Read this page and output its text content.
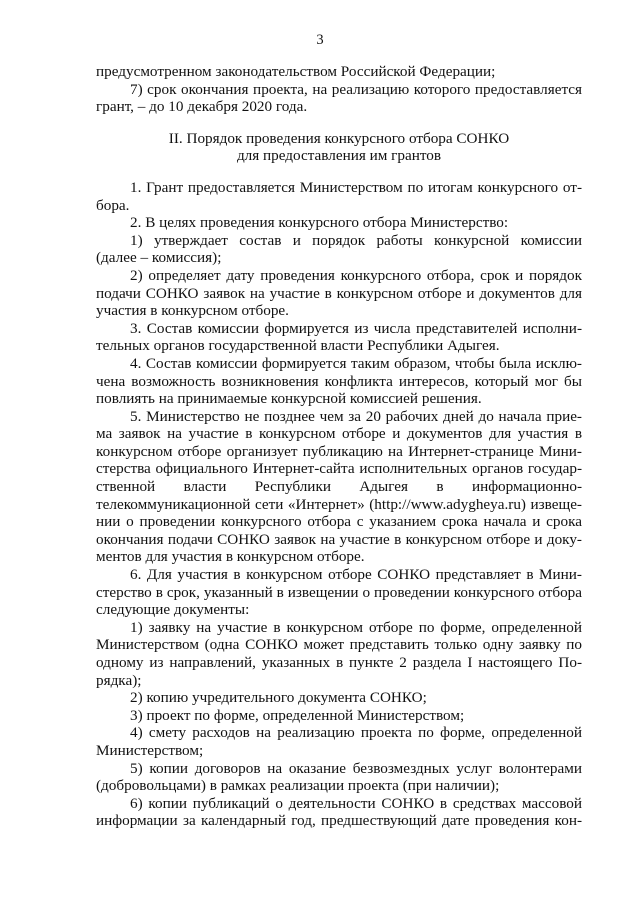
3
предусмотренном законодательством Российской Федерации;
7) срок окончания проекта, на реализацию которого предоставляется
грант, – до 10 декабря 2020 года.
II. Порядок проведения конкурсного отбора СОНКО
для предоставления им грантов
1. Грант предоставляется Министерством по итогам конкурсного от-
бора.
2. В целях проведения конкурсного отбора Министерство:
1) утверждает состав и порядок работы конкурсной комиссии
(далее – комиссия);
2) определяет дату проведения конкурсного отбора, срок и порядок
подачи СОНКО заявок на участие в конкурсном отборе и документов для
участия в конкурсном отборе.
3. Состав комиссии формируется из числа представителей исполни-
тельных органов государственной власти Республики Адыгея.
4. Состав комиссии формируется таким образом, чтобы была исклю-
чена возможность возникновения конфликта интересов, который мог бы
повлиять на принимаемые конкурсной комиссией решения.
5. Министерство не позднее чем за 20 рабочих дней до начала прие-
ма заявок на участие в конкурсном отборе и документов для участия в
конкурсном отборе организует публикацию на Интернет-странице Мини-
стерства официального Интернет-сайта исполнительных органов государ-
ственной власти Республики Адыгея в информационно-
телекоммуникационной сети «Интернет» (http://www.adygheya.ru) извеще-
нии о проведении конкурсного отбора с указанием срока начала и срока
окончания подачи СОНКО заявок на участие в конкурсном отборе и доку-
ментов для участия в конкурсном отборе.
6. Для участия в конкурсном отборе СОНКО представляет в Мини-
стерство в срок, указанный в извещении о проведении конкурсного отбора
следующие документы:
1) заявку на участие в конкурсном отборе по форме, определенной
Министерством (одна СОНКО может представить только одну заявку по
одному из направлений, указанных в пункте 2 раздела I настоящего По-
рядка);
2) копию учредительного документа СОНКО;
3) проект по форме, определенной Министерством;
4) смету расходов на реализацию проекта по форме, определенной
Министерством;
5) копии договоров на оказание безвозмездных услуг волонтерами
(добровольцами) в рамках реализации проекта (при наличии);
6) копии публикаций о деятельности СОНКО в средствах массовой
информации за календарный год, предшествующий дате проведения кон-
